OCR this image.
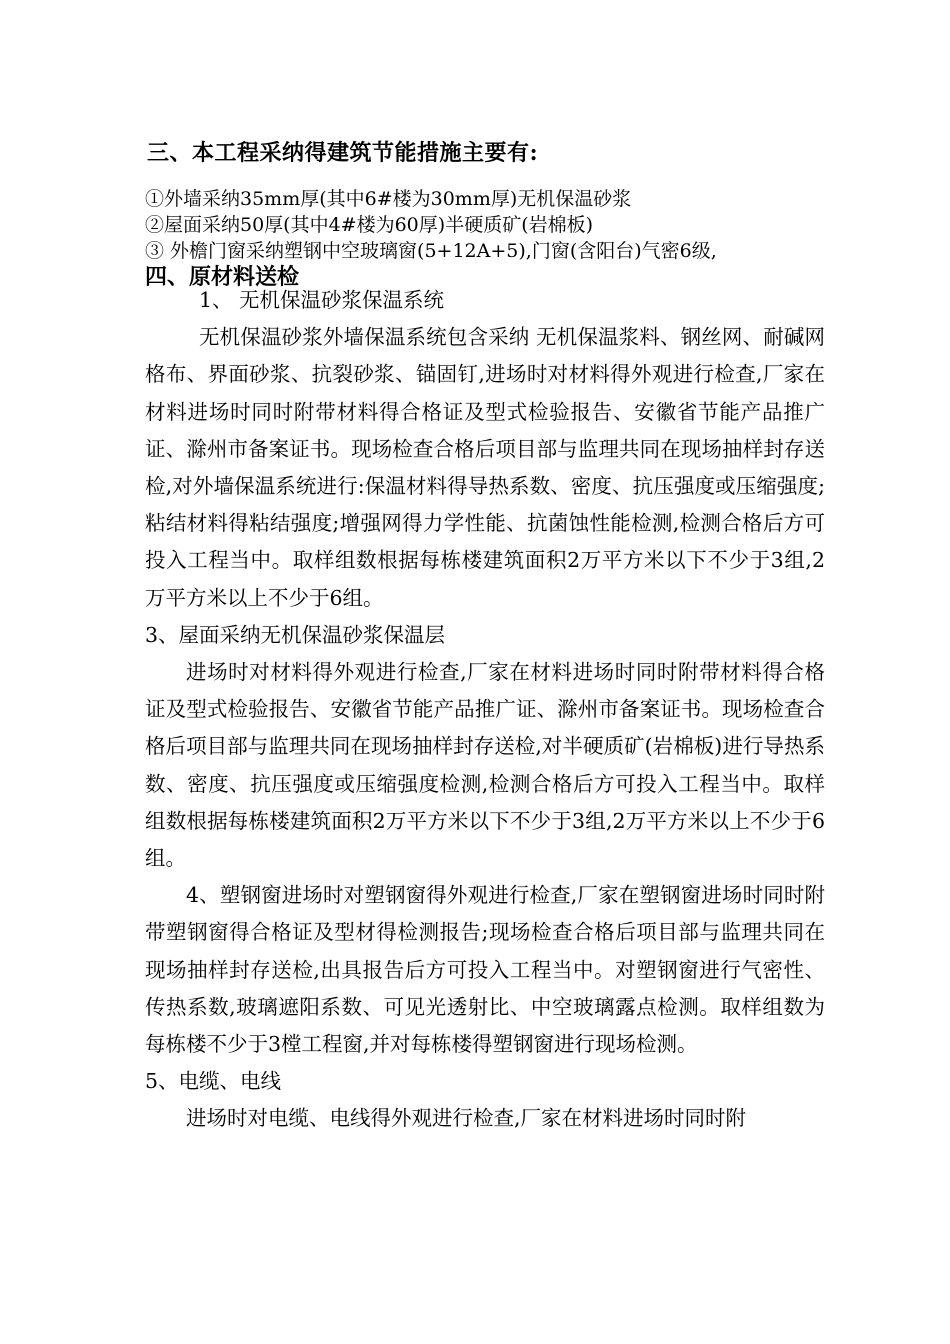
三、本工程采纳得建筑节能措施主要有:
①外墙采纳35mm厚(其中6#楼为30mm厚)无机保温砂浆
②屋面采纳50厚(其中4#楼为60厚)半硬质矿(岩棉板)
③ 外檐门窗采纳塑钢中空玻璃窗(5+12A+5),门窗(含阳台)气密6级,
四、原材料送检

1、 无机保温砂浆保温系统

无机保温砂浆外墙保温系统包含采纳 无机保温浆料、钢丝网、耐碱网格布、界面砂浆、抗裂砂浆、锚固钉,进场时对材料得外观进行检查,厂家在材料进场时同时附带材料得合格证及型式检验报告、安徽省节能产品推广证、滁州市备案证书。现场检查合格后项目部与监理共同在现场抽样封存送检,对外墙保温系统进行:保温材料得导热系数、密度、抗压强度或压缩强度;粘结材料得粘结强度;增强网得力学性能、抗菌蚀性能检测,检测合格后方可投入工程当中。取样组数根据每栋楼建筑面积2万平方米以下不少于3组,2万平方米以上不少于6组。

3、屋面采纳无机保温砂浆保温层

进场时对材料得外观进行检查,厂家在材料进场时同时附带材料得合格证及型式检验报告、安徽省节能产品推广证、滁州市备案证书。现场检查合格后项目部与监理共同在现场抽样封存送检,对半硬质矿(岩棉板)进行导热系数、密度、抗压强度或压缩强度检测,检测合格后方可投入工程当中。取样组数根据每栋楼建筑面积2万平方米以下不少于3组,2万平方米以上不少于6组。

4、塑钢窗进场时对塑钢窗得外观进行检查,厂家在塑钢窗进场时同时附带塑钢窗得合格证及型材得检测报告;现场检查合格后项目部与监理共同在现场抽样封存送检,出具报告后方可投入工程当中。对塑钢窗进行气密性、传热系数,玻璃遮阳系数、可见光透射比、中空玻璃露点检测。取样组数为每栋楼不少于3樘工程窗,并对每栋楼得塑钢窗进行现场检测。

5、电缆、电线

进场时对电缆、电线得外观进行检查,厂家在材料进场时同时附
